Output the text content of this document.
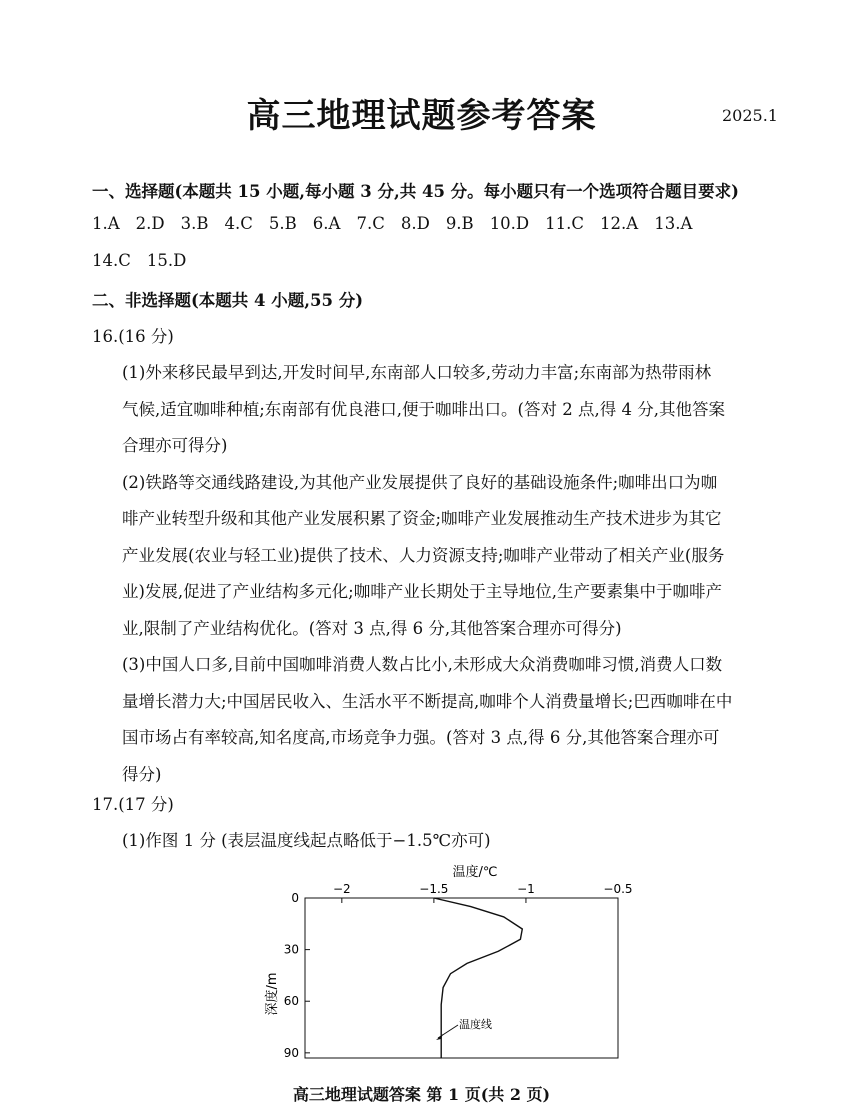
高三地理试题参考答案	2025.1
一、选择题(本题共 15 小题,每小题 3 分,共 45 分。每小题只有一个选项符合题目要求)
1.A 2.D 3.B 4.C 5.B 6.A 7.C 8.D 9.B 10.D 11.C 12.A 13.A
14.C 15.D
二、非选择题(本题共 4 小题,55 分)
16.(16 分)
(1)外来移民最早到达,开发时间早,东南部人口较多,劳动力丰富;东南部为热带雨林
气候,适宜咖啡种植;东南部有优良港口,便于咖啡出口。(答对 2 点,得 4 分,其他答案
合理亦可得分)
(2)铁路等交通线路建设,为其他产业发展提供了良好的基础设施条件;咖啡出口为咖
啡产业转型升级和其他产业发展积累了资金;咖啡产业发展推动生产技术进步为其它
产业发展(农业与轻工业)提供了技术、人力资源支持;咖啡产业带动了相关产业(服务
业)发展,促进了产业结构多元化;咖啡产业长期处于主导地位,生产要素集中于咖啡产
业,限制了产业结构优化。(答对 3 点,得 6 分,其他答案合理亦可得分)
(3)中国人口多,目前中国咖啡消费人数占比小,未形成大众消费咖啡习惯,消费人口数
量增长潜力大;中国居民收入、生活水平不断提高,咖啡个人消费量增长;巴西咖啡在中
国市场占有率较高,知名度高,市场竞争力强。(答对 3 点,得 6 分,其他答案合理亦可
得分)
17.(17 分)
(1)作图 1 分 (表层温度线起点略低于−1.5℃亦可)
温度/℃
深度/m
−2	−1.5	−1	−0.5
0
30
60
90
温度线
高三地理试题答案 第 1 页(共 2 页)
